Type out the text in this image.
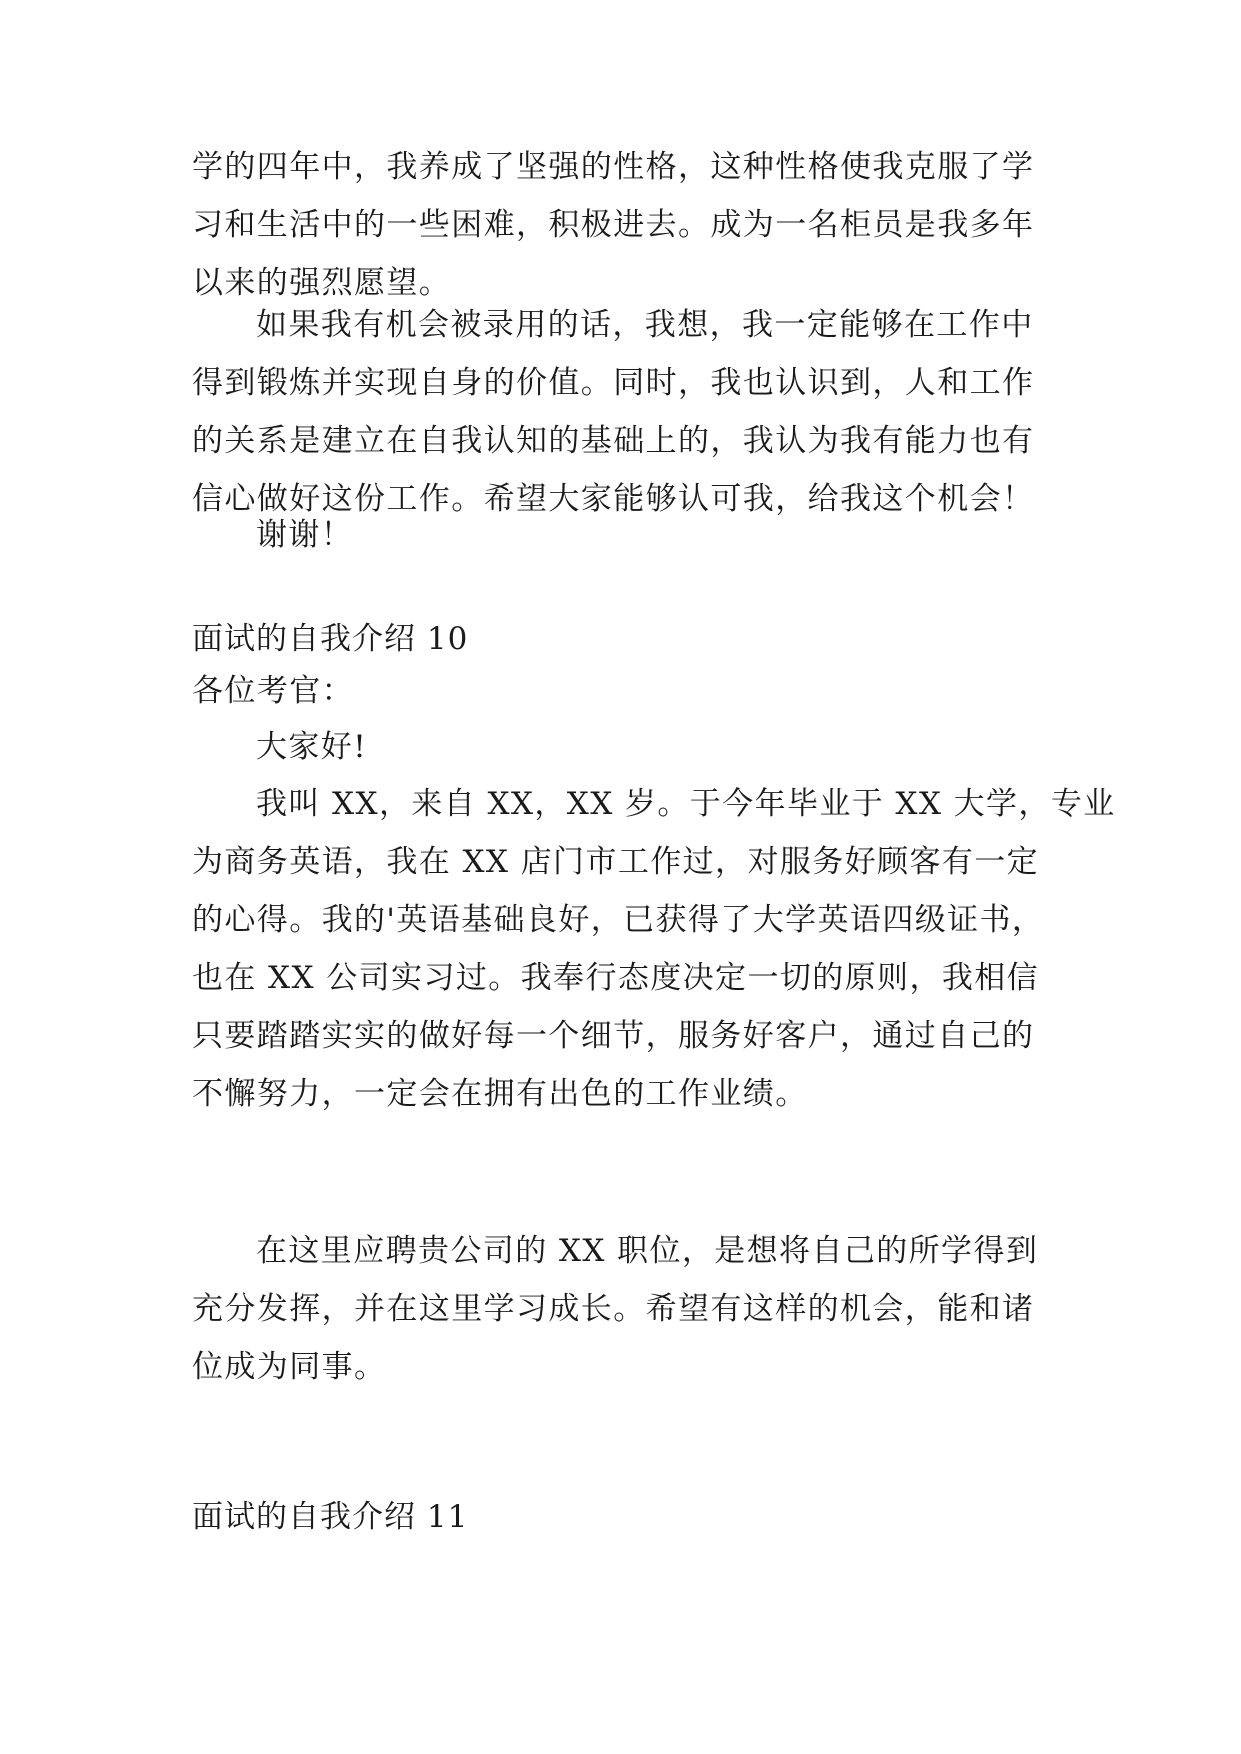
学的四年中，我养成了坚强的性格，这种性格使我克服了学
习和生活中的一些困难，积极进去。成为一名柜员是我多年
以来的强烈愿望。
如果我有机会被录用的话，我想，我一定能够在工作中
得到锻炼并实现自身的价值。同时，我也认识到，人和工作
的关系是建立在自我认知的基础上的，我认为我有能力也有
信心做好这份工作。希望大家能够认可我，给我这个机会！
谢谢！
面试的自我介绍 10
各位考官：
大家好!
我叫 XX，来自 XX，XX 岁。于今年毕业于 XX 大学，专业
为商务英语，我在 XX 店门市工作过，对服务好顾客有一定
的心得。我的'英语基础良好，已获得了大学英语四级证书，
也在 XX 公司实习过。我奉行态度决定一切的原则，我相信
只要踏踏实实的做好每一个细节，服务好客户，通过自己的
不懈努力，一定会在拥有出色的工作业绩。
在这里应聘贵公司的 XX 职位，是想将自己的所学得到
充分发挥，并在这里学习成长。希望有这样的机会，能和诸
位成为同事。
面试的自我介绍 11
